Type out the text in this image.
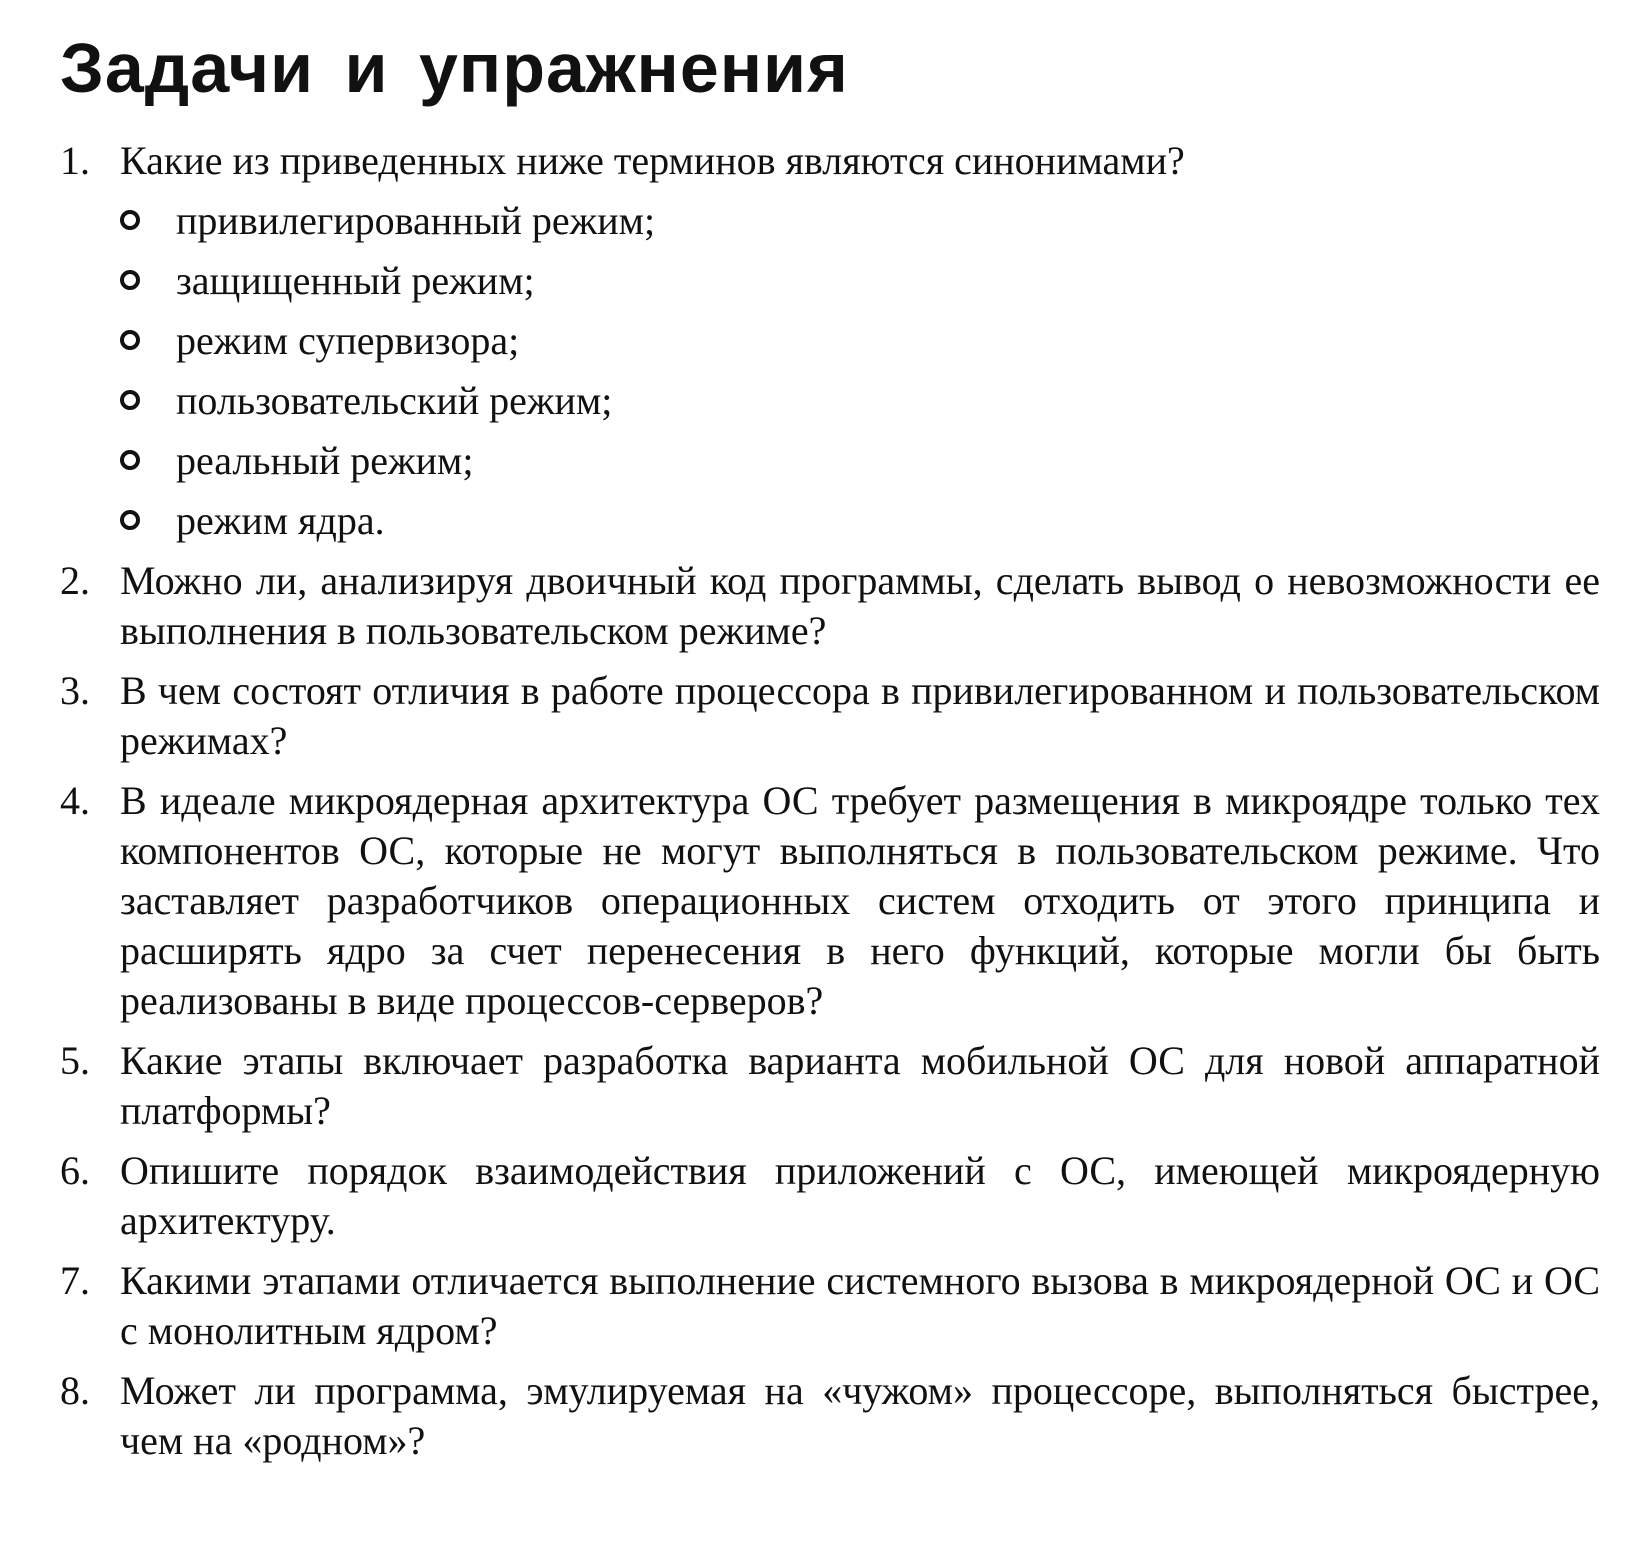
Задачи и упражнения
1. Какие из приведенных ниже терминов являются синонимами?
привилегированный режим;
защищенный режим;
режим супервизора;
пользовательский режим;
реальный режим;
режим ядра.
2. Можно ли, анализируя двоичный код программы, сделать вывод о невозможности ее выполнения в пользовательском режиме?
3. В чем состоят отличия в работе процессора в привилегированном и пользовательском режимах?
4. В идеале микроядерная архитектура ОС требует размещения в микроядре только тех компонентов ОС, которые не могут выполняться в пользовательском режиме. Что заставляет разработчиков операционных систем отходить от этого принципа и расширять ядро за счет перенесения в него функций, которые могли бы быть реализованы в виде процессов-серверов?
5. Какие этапы включает разработка варианта мобильной ОС для новой аппаратной платформы?
6. Опишите порядок взаимодействия приложений с ОС, имеющей микроядерную архитектуру.
7. Какими этапами отличается выполнение системного вызова в микроядерной ОС и ОС с монолитным ядром?
8. Может ли программа, эмулируемая на «чужом» процессоре, выполняться быстрее, чем на «родном»?
